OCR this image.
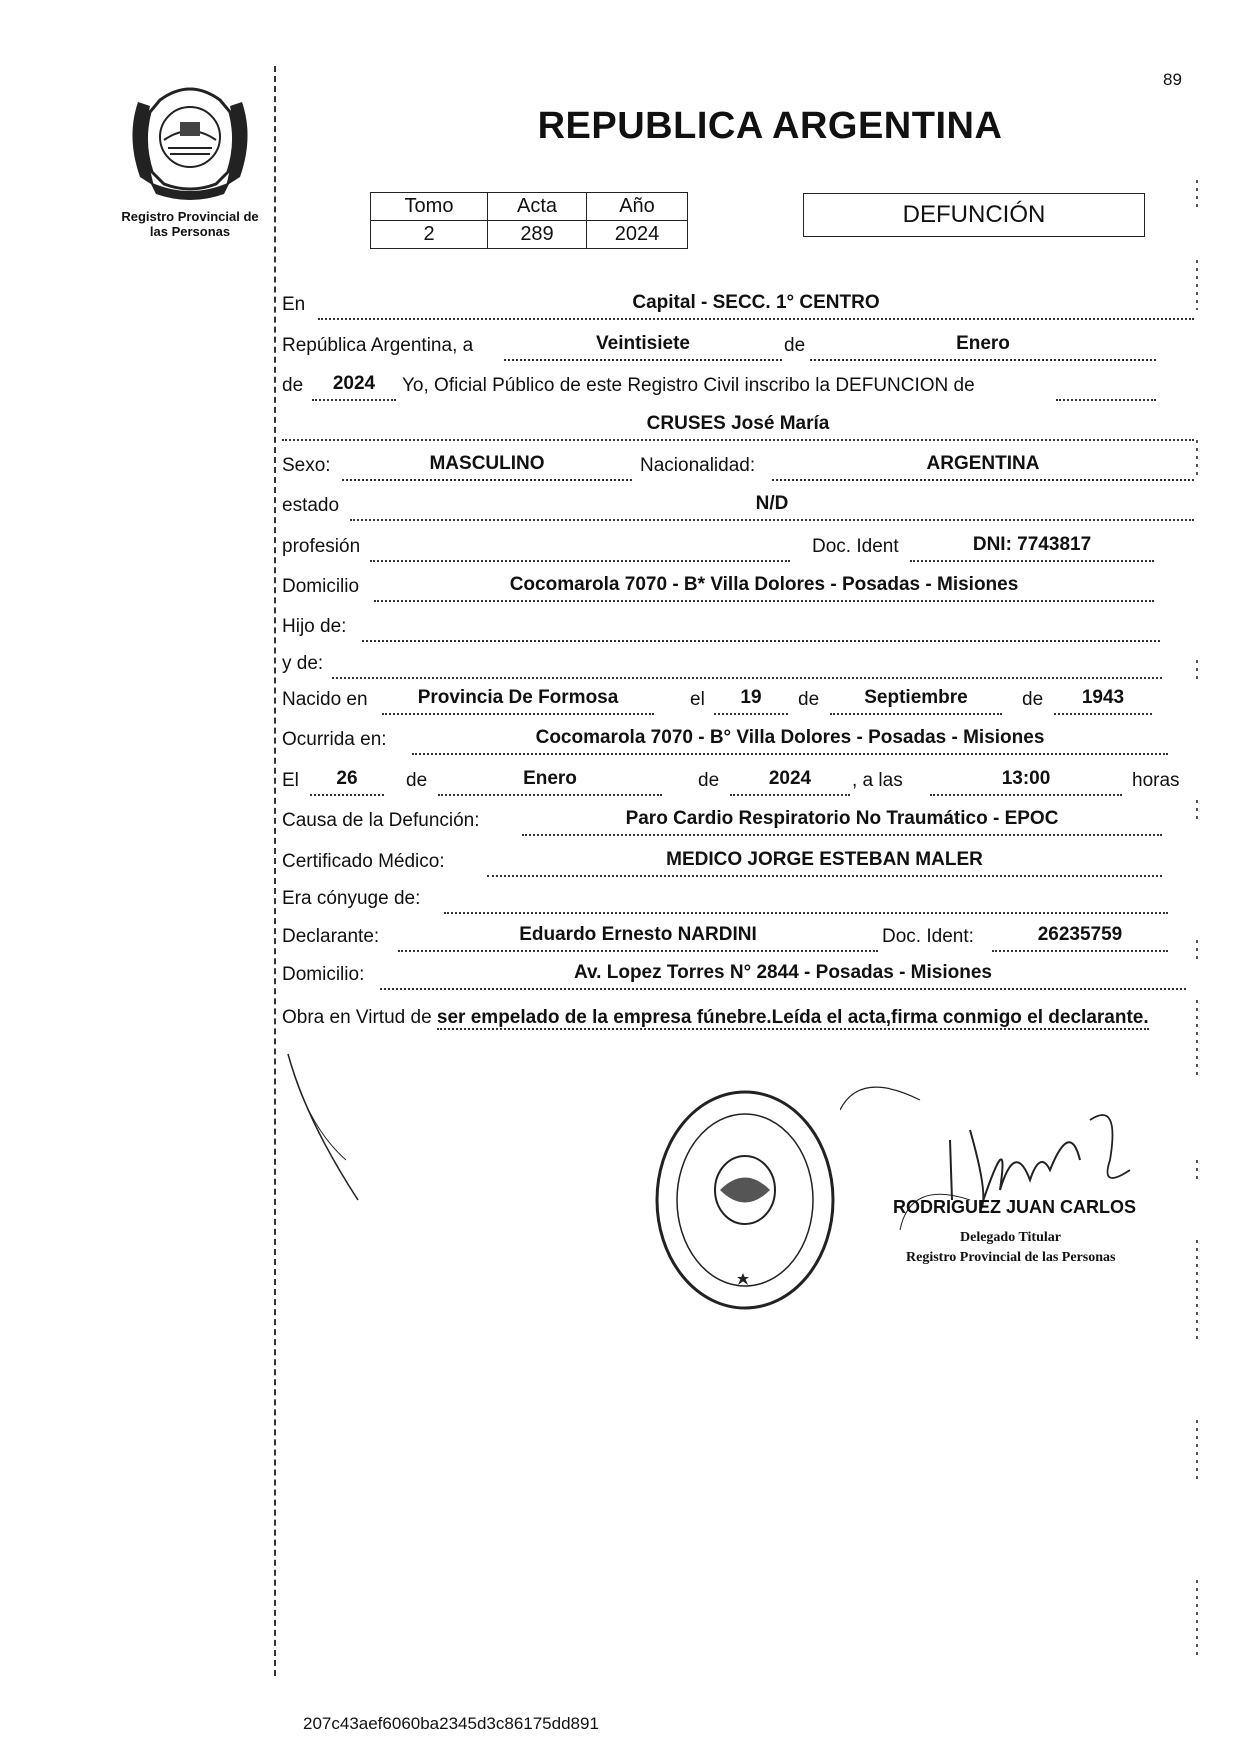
89
Registro Provincial de
las Personas
REPUBLICA ARGENTINA
Tomo	Acta	Año
2	289	2024
DEFUNCIÓN
En	Capital - SECC. 1° CENTRO
República Argentina, a	Veintisiete	de	Enero
de	2024	Yo, Oficial Público de este Registro Civil inscribo la DEFUNCION de
CRUSES José María
Sexo:	MASCULINO	Nacionalidad:	ARGENTINA
estado	N/D
profesión	Doc. Ident	DNI: 7743817
Domicilio	Cocomarola 7070 - B* Villa Dolores - Posadas - Misiones
Hijo de:
y de:
Nacido en	Provincia De Formosa	el	19	de	Septiembre	de	1943
Ocurrida en:	Cocomarola 7070 - B° Villa Dolores - Posadas - Misiones
El	26	de	Enero	de	2024	, a las	13:00	horas
Causa de la Defunción:	Paro Cardio Respiratorio No Traumático - EPOC
Certificado Médico:	MEDICO JORGE ESTEBAN MALER
Era cónyuge de:
Declarante:	Eduardo Ernesto NARDINI	Doc. Ident:	26235759
Domicilio:	Av. Lopez Torres N° 2844 - Posadas - Misiones
Obra en Virtud de ser empelado de la empresa fúnebre.Leída el acta,firma conmigo el declarante.
RODRIGUEZ JUAN CARLOS
Delegado Titular
Registro Provincial de las Personas
207c43aef6060ba2345d3c86175dd891
